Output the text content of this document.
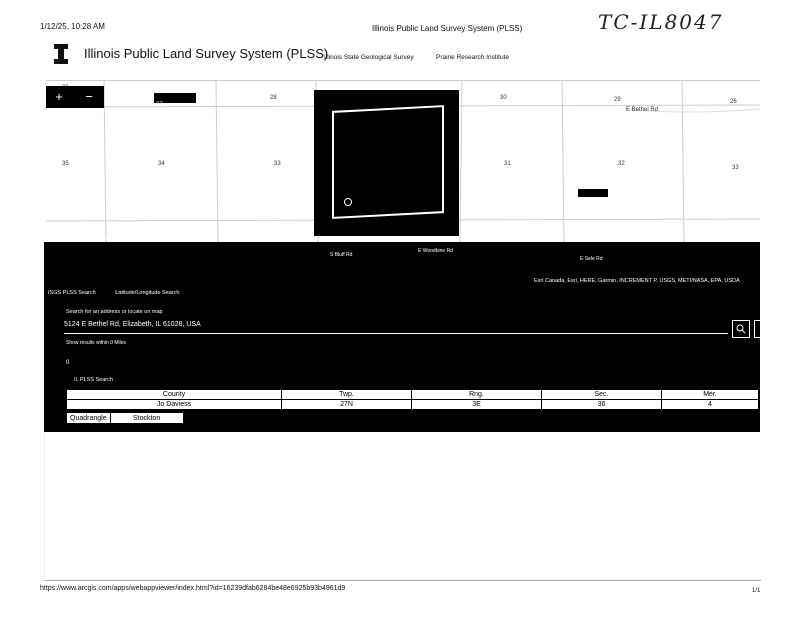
1/12/25, 10:28 AM	Illinois Public Land Survey System (PLSS)	TC-IL8047
Illinois Public Land Survey System (PLSS)
Illinois State Geological Survey	Prairie Research Institute
34	33	31	32
33
28	30	29	26
35
37
E Bethel Rd
+	−
S Bluff Rd
E Woodbine Rd
E Sele Rd
Eliza Rd
Esri Canada, Esri, HERE, Garmin, INCREMENT P, USGS, METI/NASA, EPA, USDA
ISGS PLSS Search	Latitude/Longitude Search
Search for an address or locate on map
5124 E Bethel Rd, Elizabeth, IL 61028, USA
Show results within 0 Miles
0
IL PLSS Search
County	Twp.	Rng.	Sec.	Mer.
Jo Daviess	27N	3E	36	4
Quadrangle	Stockton
https://www.arcgis.com/apps/webappviewer/index.html?id=16239dfab6284be48e6925b93b4961d9	1/1
